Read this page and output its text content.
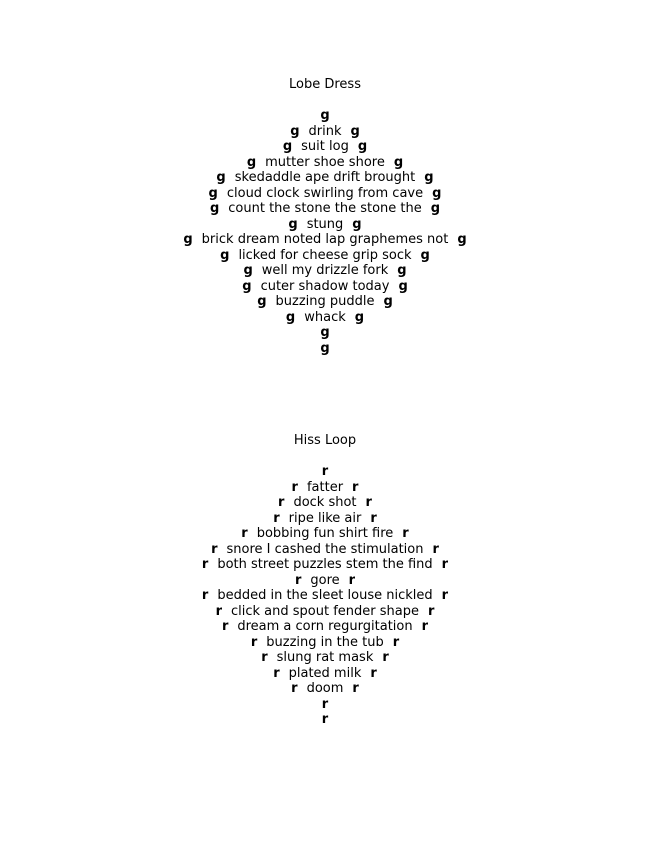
Lobe Dress
g
g drink g
g suit log g
g mutter shoe shore g
g skedaddle ape drift brought g
g cloud clock swirling from cave g
g count the stone the stone the g
g stung g
g brick dream noted lap graphemes not g
g licked for cheese grip sock g
g well my drizzle fork g
g cuter shadow today g
g buzzing puddle g
g whack g
g
g
Hiss Loop
r
r fatter r
r dock shot r
r ripe like air r
r bobbing fun shirt fire r
r snore I cashed the stimulation r
r both street puzzles stem the find r
r gore r
r bedded in the sleet louse nickled r
r click and spout fender shape r
r dream a corn regurgitation r
r buzzing in the tub r
r slung rat mask r
r plated milk r
r doom r
r
r
